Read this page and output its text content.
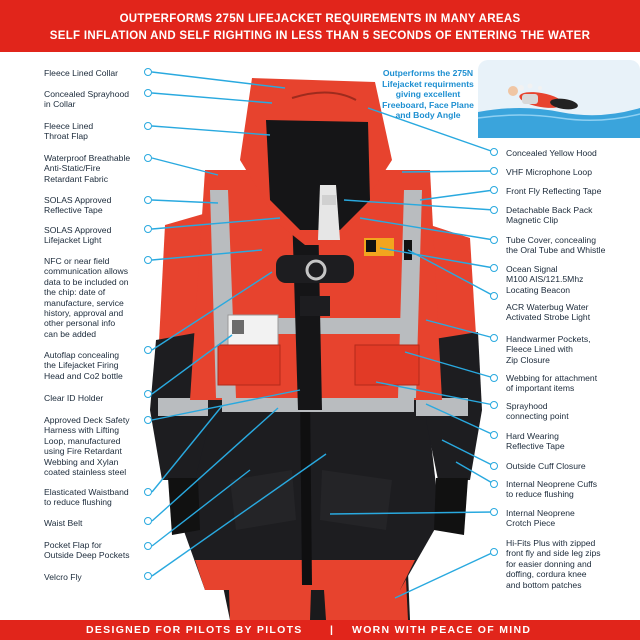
OUTPERFORMS 275N LIFEJACKET REQUIREMENTS IN MANY AREAS
SELF INFLATION AND SELF RIGHTING IN LESS THAN 5 SECONDS OF ENTERING THE WATER
Outperforms the 275N
Lifejacket requirments
giving excellent
Freeboard, Face Plane
and Body Angle
Fleece Lined Collar
Concealed Sprayhood
in Collar
Fleece Lined
Throat Flap
Waterproof Breathable
Anti-Static/Fire
Retardant Fabric
SOLAS Approved
Reflective Tape
SOLAS Approved
Lifejacket Light
NFC or near field
communication allows
data to be included on
the chip: date of
manufacture, service
history, approval and
other personal info
can be added
Autoflap concealing
the Lifejacket Firing
Head and Co2 bottle
Clear ID Holder
Approved Deck Safety
Harness with Lifting
Loop, manufactured
using Fire Retardant
Webbing and Xylan
coated stainless steel
Elasticated Waistband
to reduce flushing
Waist Belt
Pocket Flap for
Outside Deep Pockets
Velcro Fly
Concealed Yellow Hood
VHF Microphone Loop
Front Fly Reflecting Tape
Detachable Back Pack
Magnetic Clip
Tube Cover, concealing
the Oral Tube and Whistle
Ocean Signal
M100 AIS/121.5Mhz
Locating Beacon
ACR Waterbug Water
Activated Strobe Light
Handwarmer Pockets,
Fleece Lined with
Zip Closure
Webbing for attachment
of important items
Sprayhood
connecting point
Hard Wearing
Reflective Tape
Outside Cuff Closure
Internal Neoprene Cuffs
to reduce flushing
Internal Neoprene
Crotch Piece
Hi-Fits Plus with zipped
front fly and side leg zips
for easier donning and
doffing, cordura knee
and bottom patches
DESIGNED FOR PILOTS BY PILOTS	| WORN WITH PEACE OF MIND
